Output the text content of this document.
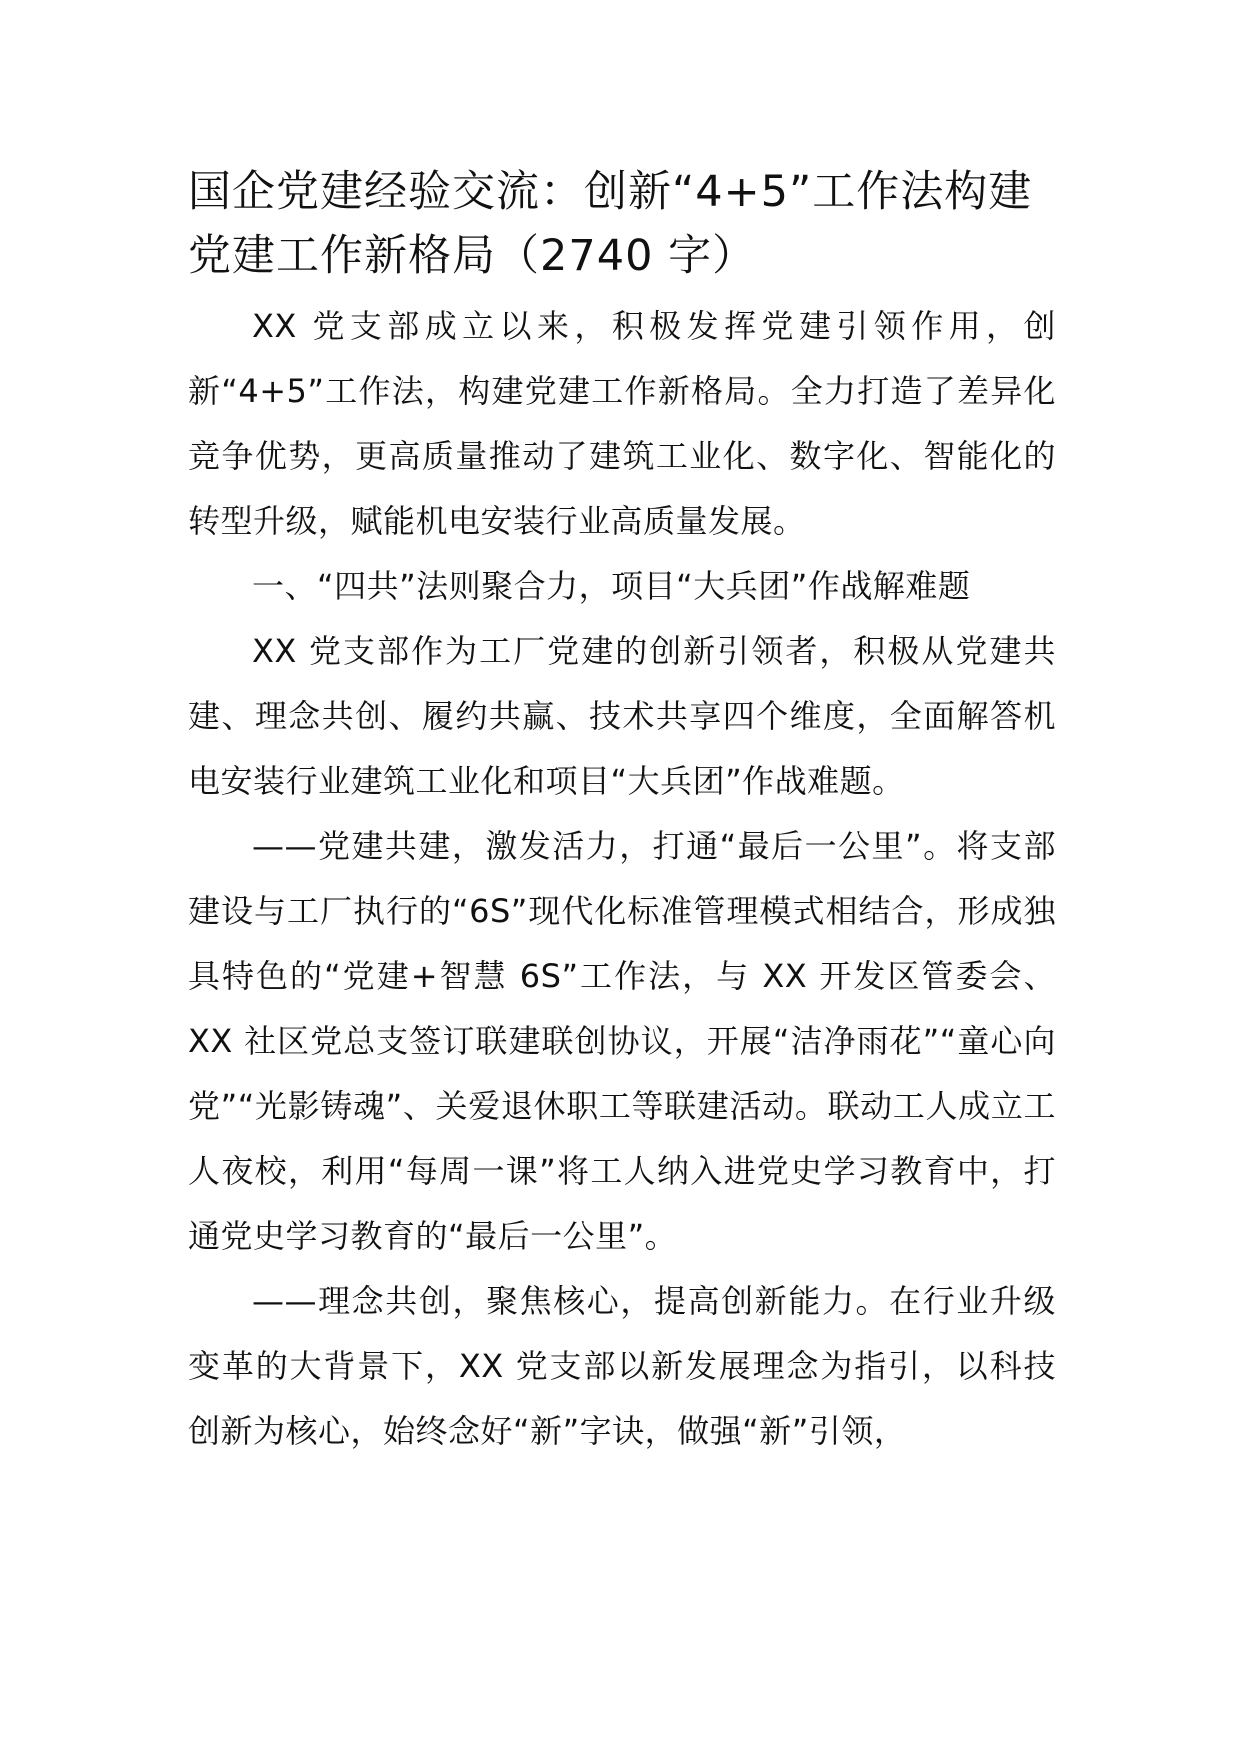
国企党建经验交流：创新“4+5”工作法构建党建工作新格局（2740 字）

XX 党支部成立以来，积极发挥党建引领作用，创新“4+5”工作法，构建党建工作新格局。全力打造了差异化竞争优势，更高质量推动了建筑工业化、数字化、智能化的转型升级，赋能机电安装行业高质量发展。

一、“四共”法则聚合力，项目“大兵团”作战解难题

XX 党支部作为工厂党建的创新引领者，积极从党建共建、理念共创、履约共赢、技术共享四个维度，全面解答机电安装行业建筑工业化和项目“大兵团”作战难题。

——党建共建，激发活力，打通“最后一公里”。将支部建设与工厂执行的“6S”现代化标准管理模式相结合，形成独具特色的“党建+智慧 6S”工作法，与 XX 开发区管委会、XX 社区党总支签订联建联创协议，开展“洁净雨花”“童心向党”“光影铸魂”、关爱退休职工等联建活动。联动工人成立工人夜校，利用“每周一课”将工人纳入进党史学习教育中，打通党史学习教育的“最后一公里”。

——理念共创，聚焦核心，提高创新能力。在行业升级变革的大背景下，XX 党支部以新发展理念为指引，以科技创新为核心，始终念好“新”字诀，做强“新”引领，
